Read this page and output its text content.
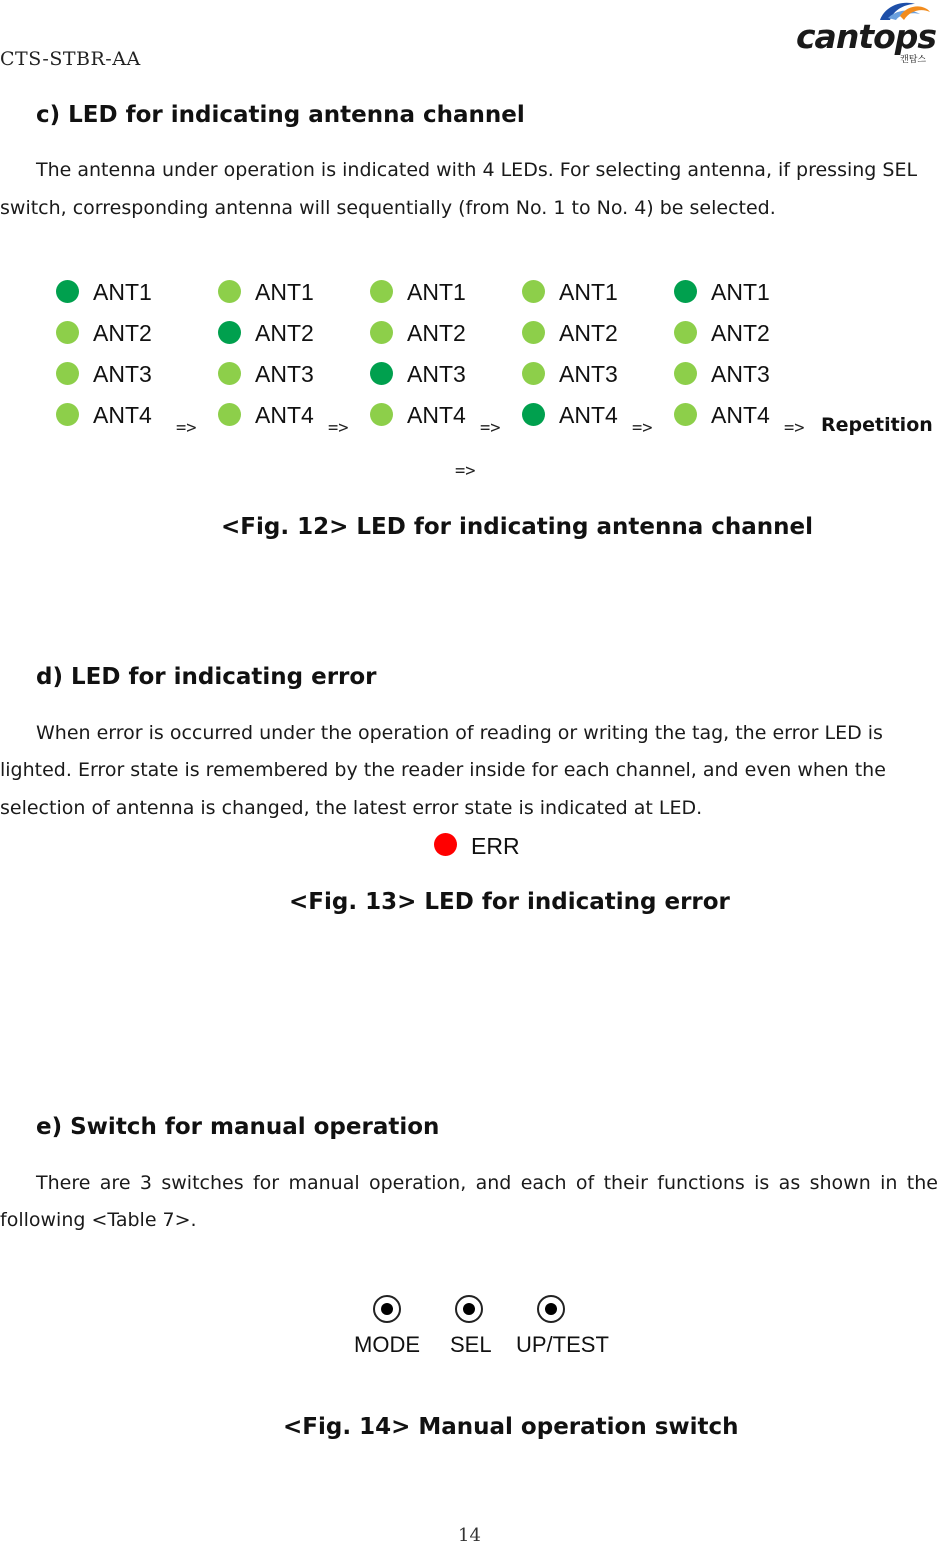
CTS-STBR-AA
cantops
캔탑스
c) LED for indicating antenna channel
The antenna under operation is indicated with 4 LEDs. For selecting antenna, if pressing SEL
switch, corresponding antenna will sequentially (from No. 1 to No. 4) be selected.
ANT1
ANT2
ANT3
ANT4
ANT1
ANT2
ANT3
ANT4
ANT1
ANT2
ANT3
ANT4
ANT1
ANT2
ANT3
ANT4
ANT1
ANT2
ANT3
ANT4
=>	=>	=>	=>	=> Repetition
=>
<Fig. 12> LED for indicating antenna channel
d) LED for indicating error
When error is occurred under the operation of reading or writing the tag, the error LED is
lighted. Error state is remembered by the reader inside for each channel, and even when the
selection of antenna is changed, the latest error state is indicated at LED.
ERR
<Fig. 13> LED for indicating error
e) Switch for manual operation
There are 3 switches for manual operation, and each of their functions is as shown in the
following <Table 7>.
MODE SEL UP/TEST
<Fig. 14> Manual operation switch
14
